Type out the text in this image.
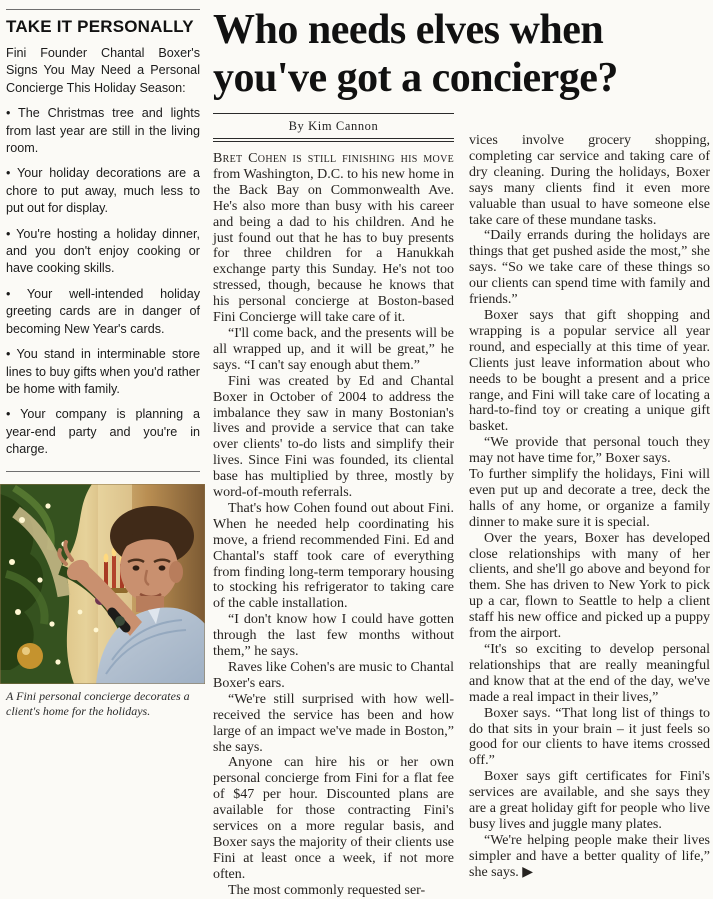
TAKE IT PERSONALLY

Fini Founder Chantal Boxer's Signs You May Need a Personal Concierge This Holiday Season:

• The Christmas tree and lights from last year are still in the living room.

• Your holiday decorations are a chore to put away, much less to put out for display.

• You're hosting a holiday dinner, and you don't enjoy cooking or have cooking skills.

• Your well-intended holiday greeting cards are in danger of becoming New Year's cards.

• You stand in interminable store lines to buy gifts when you'd rather be home with family.

• Your company is planning a year-end party and you're in charge.

A Fini personal concierge decorates a client's home for the holidays.
Who needs elves when you've got a concierge?
By Kim Cannon

Bret Cohen is still finishing his move from Washington, D.C. to his new home in the Back Bay on Commonwealth Ave. He's also more than busy with his career and being a dad to his children. And he just found out that he has to buy presents for three children for a Hanukkah exchange party this Sunday. He's not too stressed, though, because he knows that his personal concierge at Boston-based Fini Concierge will take care of it.

“I'll come back, and the presents will be all wrapped up, and it will be great,” he says. “I can't say enough abut them.”

Fini was created by Ed and Chantal Boxer in October of 2004 to address the imbalance they saw in many Bostonian's lives and provide a service that can take over clients' to-do lists and simplify their lives. Since Fini was founded, its cliental base has multiplied by three, mostly by word-of-mouth referrals.

That's how Cohen found out about Fini. When he needed help coordinating his move, a friend recommended Fini. Ed and Chantal's staff took care of everything from finding long-term temporary housing to stocking his refrigerator to taking care of the cable installation.

“I don't know how I could have gotten through the last few months without them,” he says.

Raves like Cohen's are music to Chantal Boxer's ears.

“We're still surprised with how well-received the service has been and how large of an impact we've made in Boston,” she says.

Anyone can hire his or her own personal concierge from Fini for a flat fee of $47 per hour. Discounted plans are available for those contracting Fini's services on a more regular basis, and Boxer says the majority of their clients use Fini at least once a week, if not more often.

The most commonly requested ser-

vices involve grocery shopping, completing car service and taking care of dry cleaning. During the holidays, Boxer says many clients find it even more valuable than usual to have someone else take care of these mundane tasks.

“Daily errands during the holidays are things that get pushed aside the most,” she says. “So we take care of these things so our clients can spend time with family and friends.”

Boxer says that gift shopping and wrapping is a popular service all year round, and especially at this time of year. Clients just leave information about who needs to be bought a present and a price range, and Fini will take care of locating a hard-to-find toy or creating a unique gift basket.

“We provide that personal touch they may not have time for,” Boxer says.

To further simplify the holidays, Fini will even put up and decorate a tree, deck the halls of any home, or organize a family dinner to make sure it is special.

Over the years, Boxer has developed close relationships with many of her clients, and she'll go above and beyond for them. She has driven to New York to pick up a car, flown to Seattle to help a client staff his new office and picked up a puppy from the airport.

“It's so exciting to develop personal relationships that are really meaningful and know that at the end of the day, we've made a real impact in their lives,”

Boxer says. “That long list of things to do that sits in your brain – it just feels so good for our clients to have items crossed off.”

Boxer says gift certificates for Fini's services are available, and she says they are a great holiday gift for people who live busy lives and juggle many plates.

“We're helping people make their lives simpler and have a better quality of life,” she says. ▶
